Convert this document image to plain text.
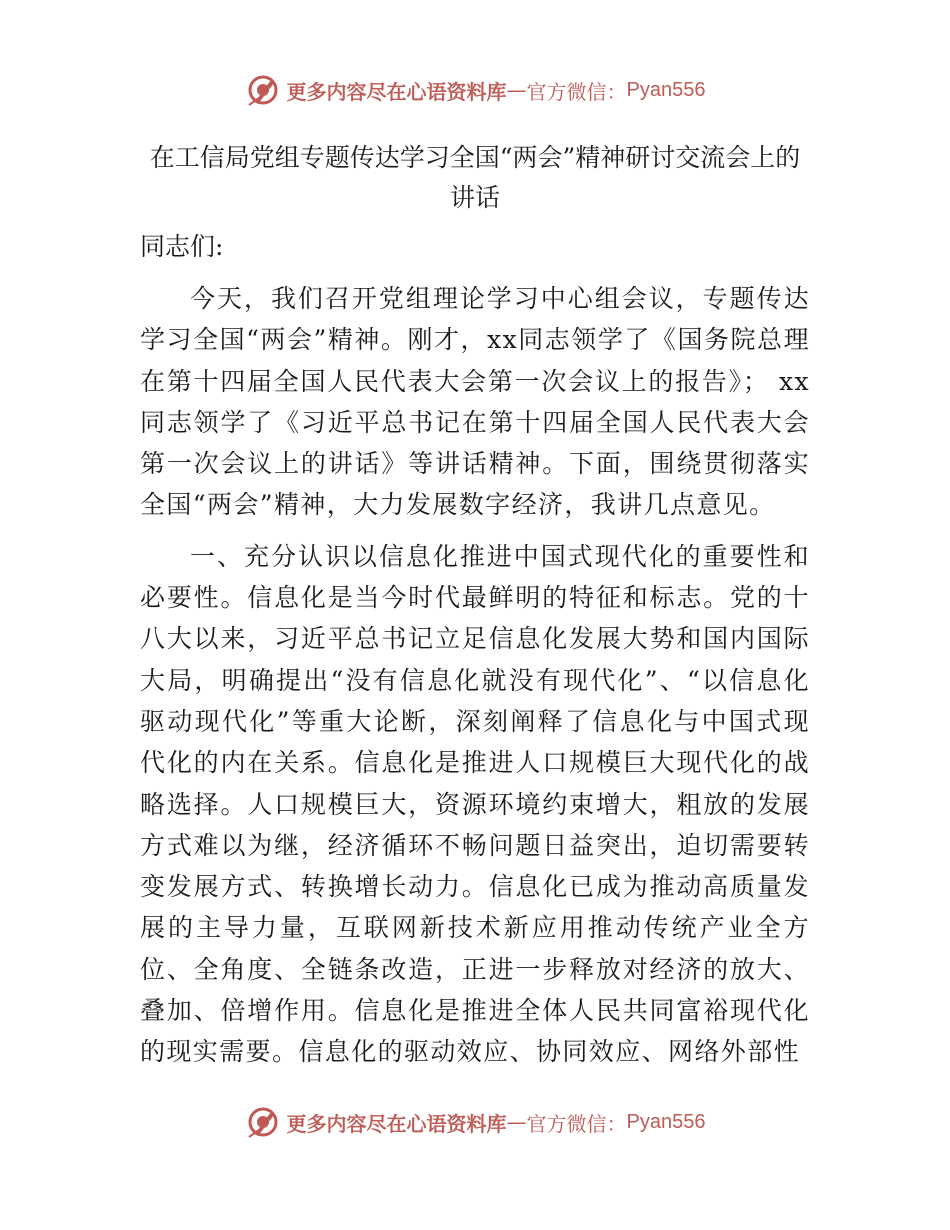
更多内容尽在心语资料库 — 官方微信： Pyan556
在工信局党组专题传达学习全国“两会”精神研讨交流会上的讲话

同志们:

今天，我们召开党组理论学习中心组会议，专题传达学习全国“两会”精神。刚才，xx同志领学了《国务院总理在第十四届全国人民代表大会第一次会议上的报告》； xx同志领学了《习近平总书记在第十四届全国人民代表大会第一次会议上的讲话》等讲话精神。下面，围绕贯彻落实全国“两会”精神，大力发展数字经济，我讲几点意见。

一、充分认识以信息化推进中国式现代化的重要性和必要性。信息化是当今时代最鲜明的特征和标志。党的十八大以来，习近平总书记立足信息化发展大势和国内国际大局，明确提出“没有信息化就没有现代化”、“以信息化驱动现代化”等重大论断，深刻阐释了信息化与中国式现代化的内在关系。信息化是推进人口规模巨大现代化的战略选择。人口规模巨大，资源环境约束增大，粗放的发展方式难以为继，经济循环不畅问题日益突出，迫切需要转变发展方式、转换增长动力。信息化已成为推动高质量发展的主导力量，互联网新技术新应用推动传统产业全方位、全角度、全链条改造，正进一步释放对经济的放大、叠加、倍增作用。信息化是推进全体人民共同富裕现代化的现实需要。信息化的驱动效应、协同效应、网络外部性

更多内容尽在心语资料库 — 官方微信： Pyan556
